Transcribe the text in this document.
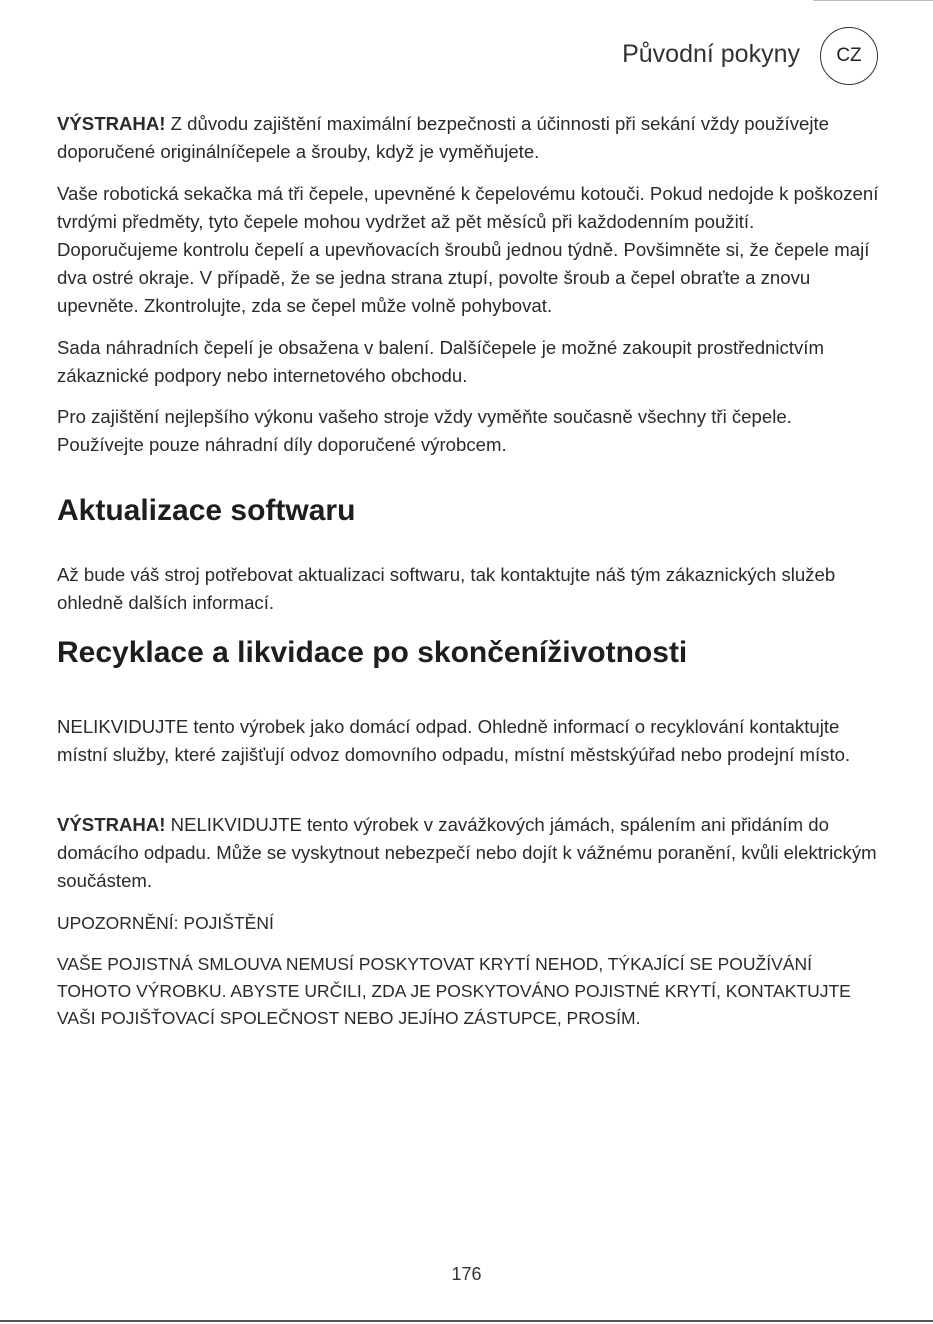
Původní pokyny	CZ

VÝSTRAHA! Z důvodu zajištění maximální bezpečnosti a účinnosti při sekání vždy používejte doporučené originálníčepele a šrouby, když je vyměňujete.

Vaše robotická sekačka má tři čepele, upevněné k čepelovému kotouči. Pokud nedojde k poškození tvrdými předměty, tyto čepele mohou vydržet až pět měsíců při každodenním použití. Doporučujeme kontrolu čepelí a upevňovacích šroubů jednou týdně. Povšimněte si, že čepele mají dva ostré okraje. V případě, že se jedna strana ztupí, povolte šroub a čepel obraťte a znovu upevněte. Zkontrolujte, zda se čepel může volně pohybovat.

Sada náhradních čepelí je obsažena v balení. Dalšíčepele je možné zakoupit prostřednictvím zákaznické podpory nebo internetového obchodu.

Pro zajištění nejlepšího výkonu vašeho stroje vždy vyměňte současně všechny tři čepele. Používejte pouze náhradní díly doporučené výrobcem.

Aktualizace softwaru

Až bude váš stroj potřebovat aktualizaci softwaru, tak kontaktujte náš tým zákaznických služeb ohledně dalších informací.

Recyklace a likvidace po skončeníživotnosti

NELIKVIDUJTE tento výrobek jako domácí odpad. Ohledně informací o recyklování kontaktujte místní služby, které zajišťují odvoz domovního odpadu, místní městskýúřad nebo prodejní místo.

VÝSTRAHA! NELIKVIDUJTE tento výrobek v zavážkových jámách, spálením ani přidáním do domácího odpadu. Může se vyskytnout nebezpečí nebo dojít k vážnému poranění, kvůli elektrickým součástem.

UPOZORNĚNÍ: POJIŠTĚNÍ

VAŠE POJISTNÁ SMLOUVA NEMUSÍ POSKYTOVAT KRYTÍ NEHOD, TÝKAJÍCÍ SE POUŽÍVÁNÍ TOHOTO VÝROBKU. ABYSTE URČILI, ZDA JE POSKYTOVÁNO POJISTNÉ KRYTÍ, KONTAKTUJTE VAŠI POJIŠŤOVACÍ SPOLEČNOST NEBO JEJÍHO ZÁSTUPCE, PROSÍM.

176
